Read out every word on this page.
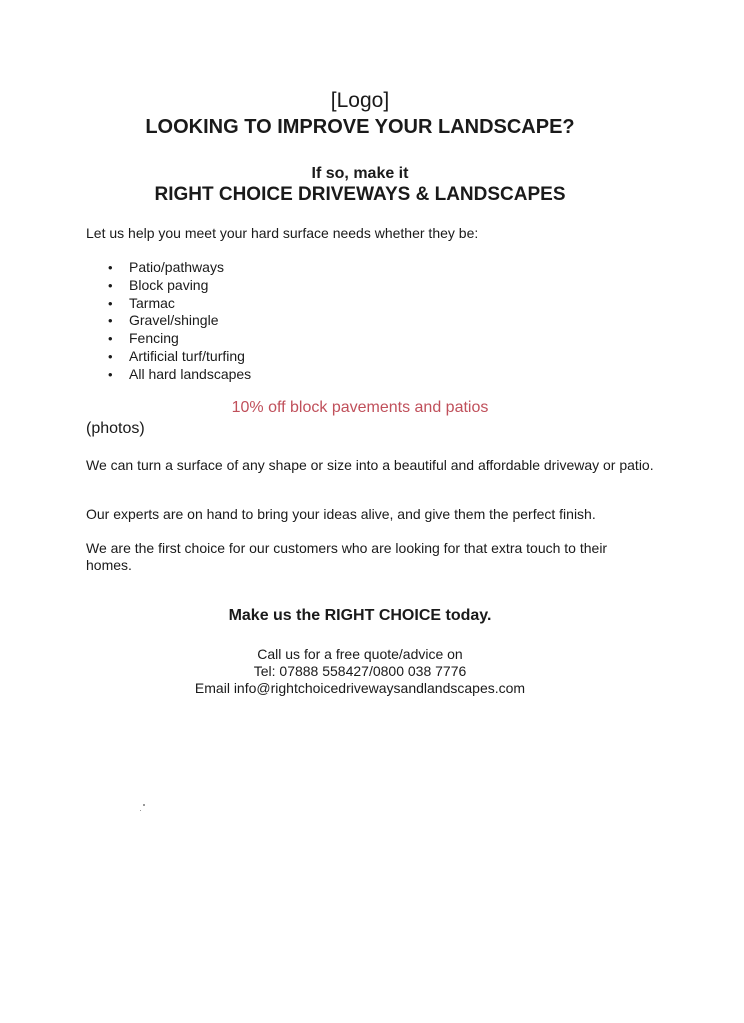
[Logo]
LOOKING TO IMPROVE YOUR LANDSCAPE?
If so, make it
RIGHT CHOICE DRIVEWAYS & LANDSCAPES
Let us help you meet your hard surface needs whether they be:
• Patio/pathways
• Block paving
• Tarmac
• Gravel/shingle
• Fencing
• Artificial turf/turfing
• All hard landscapes
10% off block pavements and patios
(photos)

We can turn a surface of any shape or size into a beautiful and affordable driveway or patio.

Our experts are on hand to bring your ideas alive, and give them the perfect finish.

We are the first choice for our customers who are looking for that extra touch to their homes.

Make us the RIGHT CHOICE today.
Call us for a free quote/advice on
Tel: 07888 558427/0800 038 7776
Email info@rightchoicedrivewaysandlandscapes.com
